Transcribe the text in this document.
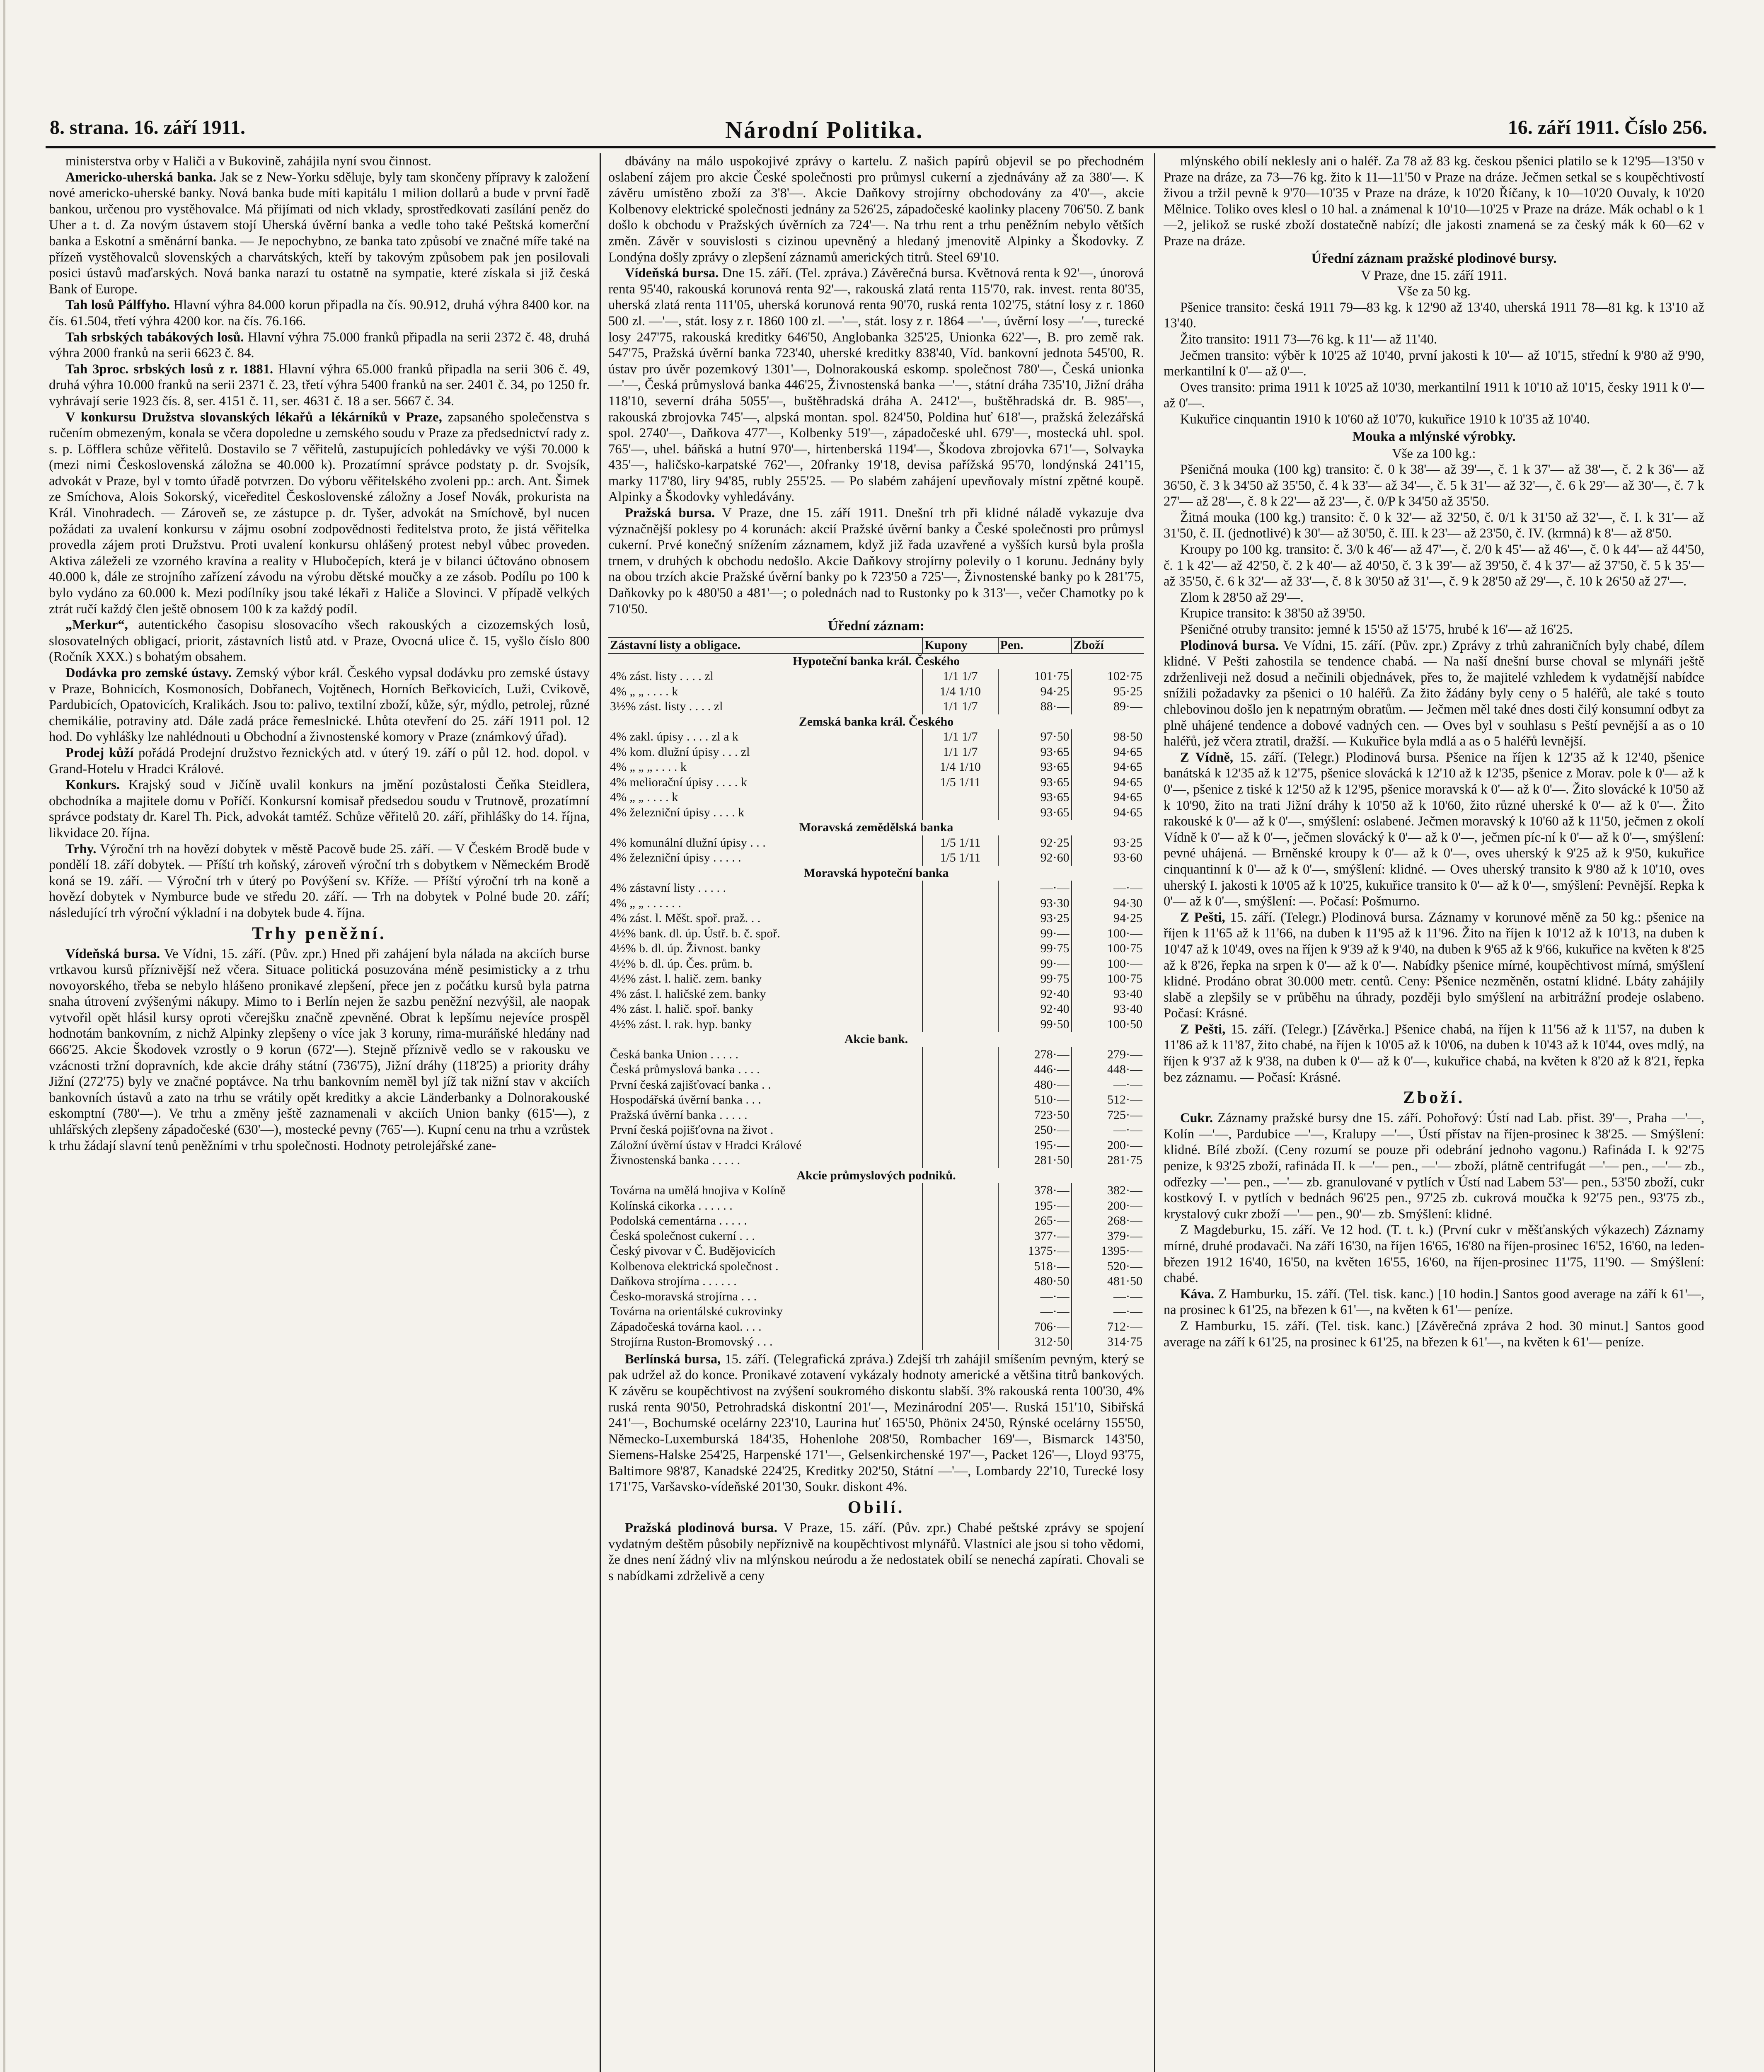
8. strana. 16. září 1911.	Národní Politika.	16. září 1911. Číslo 256.

ministerstva orby v Haliči a v Bukovině, zahájila nyní svou činnost.

Americko-uherská banka. Jak se z New-Yorku sděluje, byly tam skončeny přípravy k založení nové americko-uherské banky. Nová banka bude míti kapitálu 1 milion dollarů a bude v první řadě bankou, určenou pro vystěhovalce. Má přijímati od nich vklady, sprostředkovati zasílání peněz do Uher a t. d. Za novým ústavem stojí Uherská úvěrní banka a vedle toho také Peštská komerční banka a Eskotní a směnární banka. — Je nepochybno, ze banka tato způsobí ve značné míře také na přízeň vystěhovalců slovenských a charvátských, kteří by takovým způsobem pak jen posilovali posici ústavů maďarských. Nová banka narazí tu ostatně na sympatie, které získala si již česká Bank of Europe.

Tah losů Pálffyho. Hlavní výhra 84.000 korun připadla na čís. 90.912, druhá výhra 8400 kor. na čís. 61.504, třetí výhra 4200 kor. na čís. 76.166.

Tah srbských tabákových losů. Hlavní výhra 75.000 franků připadla na serii 2372 č. 48, druhá výhra 2000 franků na serii 6623 č. 84.

Tah 3proc. srbských losů z r. 1881. Hlavní výhra 65.000 franků připadla na serii 306 č. 49, druhá výhra 10.000 franků na serii 2371 č. 23, třetí výhra 5400 franků na ser. 2401 č. 34, po 1250 fr. vyhrávají serie 1923 čís. 8, ser. 4151 č. 11, ser. 4631 č. 18 a ser. 5667 č. 34.

V konkursu Družstva slovanských lékařů a lékárníků v Praze, zapsaného společenstva s ručením obmezeným, konala se včera dopoledne u zemského soudu v Praze za předsednictví rady z. s. p. Löfflera schůze věřitelů. Dostavilo se 7 věřitelů, zastupujících pohledávky ve výši 70.000 k (mezi nimi Československá záložna se 40.000 k). Prozatímní správce podstaty p. dr. Svojsík, advokát v Praze, byl v tomto úřadě potvrzen. Do výboru věřitelského zvoleni pp.: arch. Ant. Šimek ze Smíchova, Alois Sokorský, viceředitel Československé záložny a Josef Novák, prokurista na Král. Vinohradech. — Zároveň se, ze zástupce p. dr. Tyšer, advokát na Smíchově, byl nucen požádati za uvalení konkursu v zájmu osobní zodpovědnosti ředitelstva proto, že jistá věřitelka provedla zájem proti Družstvu. Proti uvalení konkursu ohlášený protest nebyl vůbec proveden. Aktiva záleželi ze vzorného kravína a reality v Hlubočepích, která je v bilanci účtováno obnosem 40.000 k, dále ze strojního zařízení závodu na výrobu dětské moučky a ze zásob. Podílu po 100 k bylo vydáno za 60.000 k. Mezi podílníky jsou také lékaři z Haliče a Slovinci. V případě velkých ztrát ručí každý člen ještě obnosem 100 k za každý podíl.

„Merkur“, autentického časopisu slosovacího všech rakouských a cizozemských losů, slosovatelných obligací, priorit, zástavních listů atd. v Praze, Ovocná ulice č. 15, vyšlo číslo 800 (Ročník XXX.) s bohatým obsahem.

Dodávka pro zemské ústavy. Zemský výbor král. Českého vypsal dodávku pro zemské ústavy v Praze, Bohnicích, Kosmonosích, Dobřanech, Vojtěnech, Horních Beřkovicích, Luži, Cvikově, Pardubicích, Opatovicích, Kralikách. Jsou to: palivo, textilní zboží, kůže, sýr, mýdlo, petrolej, různé chemikálie, potraviny atd. Dále zadá práce řemeslnické. Lhůta otevření do 25. září 1911 pol. 12 hod. Do vyhlášky lze nahlédnouti u Obchodní a živnostenské komory v Praze (známkový úřad).

Prodej kůží pořádá Prodejní družstvo řeznických atd. v úterý 19. září o půl 12. hod. dopol. v Grand-Hotelu v Hradci Králové.

Konkurs. Krajský soud v Jičíně uvalil konkurs na jmění pozůstalosti Čeňka Steidlera, obchodníka a majitele domu v Poříčí. Konkursní komisař předsedou soudu v Trutnově, prozatímní správce podstaty dr. Karel Th. Pick, advokát tamtéž. Schůze věřitelů 20. září, přihlášky do 14. října, likvidace 20. října.

Trhy. Výroční trh na hovězí dobytek v městě Pacově bude 25. září. — V Českém Brodě bude v pondělí 18. září dobytek. — Příští trh koňský, zároveň výroční trh s dobytkem v Německém Brodě koná se 19. září. — Výroční trh v úterý po Povýšení sv. Kříže. — Příští výroční trh na koně a hovězí dobytek v Nymburce bude ve středu 20. září. — Trh na dobytek v Polné bude 20. září; následující trh výroční výkladní i na dobytek bude 4. října.

Trhy peněžní.

Vídeňská bursa. Ve Vídni, 15. září. (Pův. zpr.) Hned při zahájení byla nálada na akciích burse vrtkavou kursů příznivější než včera. Situace politická posuzována méně pesimisticky a z trhu novoyorského, třeba se nebylo hlášeno pronikavé zlepšení, přece jen z počátku kursů byla patrna snaha útrovení zvýšenými nákupy. Mimo to i Berlín nejen že sazbu peněžní nezvýšil, ale naopak vytvořil opět hlásil kursy oproti včerejšku značně zpevněné. Obrat k lepšímu nejevíce prospěl hodnotám bankovním, z nichž Alpinky zlepšeny o více jak 3 koruny, rima-muráňské hledány nad 666'25. Akcie Škodovek vzrostly o 9 korun (672'—). Stejně příznivě vedlo se v rakousku ve vzácnosti tržní dopravních, kde akcie dráhy státní (736'75), Jižní dráhy (118'25) a priority dráhy Jižní (272'75) byly ve značné poptávce. Na trhu bankovním neměl byl jíž tak nižní stav v akciích bankovních ústavů a zato na trhu se vrátily opět kreditky a akcie Länderbanky a Dolnorakouské eskomptní (780'—). Ve trhu a změny ještě zaznamenali v akciích Union banky (615'—), z uhlářských zlepšeny západočeské (630'—), mostecké pevny (765'—). Kupní cenu na trhu a vzrůstek k trhu žádají slavní tenů peněžními v trhu společnosti. Hodnoty petrolejářské zane-

dbávány na málo uspokojivé zprávy o kartelu. Z našich papírů objevil se po přechodném oslabení zájem pro akcie České společnosti pro průmysl cukerní a zjednávány až za 380'—. K závěru umístěno zboží za 3'8'—. Akcie Daňkovy strojírny obchodovány za 4'0'—, akcie Kolbenovy elektrické společnosti jednány za 526'25, západočeské kaolinky placeny 706'50. Z bank došlo k obchodu v Pražských úvěrních za 724'—. Na trhu rent a trhu peněžním nebylo větších změn. Závěr v souvislosti s cizinou upevněný a hledaný jmenovitě Alpinky a Škodovky. Z Londýna došly zprávy o zlepšení záznamů amerických titrů. Steel 69'10.

Vídeňská bursa. Dne 15. září. (Tel. zpráva.) Závěrečná bursa. Květnová renta k 92'—, únorová renta 95'40, rakouská korunová renta 92'—, rakouská zlatá renta 115'70, rak. invest. renta 80'35, uherská zlatá renta 111'05, uherská korunová renta 90'70, ruská renta 102'75, státní losy z r. 1860 500 zl. —'—, stát. losy z r. 1860 100 zl. —'—, stát. losy z r. 1864 —'—, úvěrní losy —'—, turecké losy 247'75, rakouská kreditky 646'50, Anglobanka 325'25, Unionka 622'—, B. pro země rak. 547'75, Pražská úvěrní banka 723'40, uherské kreditky 838'40, Víd. bankovní jednota 545'00, R. ústav pro úvěr pozemkový 1301'—, Dolnorakouská eskomp. společnost 780'—, Česká unionka —'—, Česká průmyslová banka 446'25, Živnostenská banka —'—, státní dráha 735'10, Jižní dráha 118'10, severní dráha 5055'—, buštěhradská dráha A. 2412'—, buštěhradská dr. B. 985'—, rakouská zbrojovka 745'—, alpská montan. spol. 824'50, Poldina huť 618'—, pražská železářská spol. 2740'—, Daňkova 477'—, Kolbenky 519'—, západočeské uhl. 679'—, mostecká uhl. spol. 765'—, uhel. báňská a hutní 970'—, hirtenberská 1194'—, Škodova zbrojovka 671'—, Solvayka 435'—, haličsko-karpatské 762'—, 20franky 19'18, devisa pařížská 95'70, londýnská 241'15, marky 117'80, liry 94'85, rubly 255'25. — Po slabém zahájení upevňovaly místní zpětné koupě. Alpinky a Škodovky vyhledávány.

Pražská bursa. V Praze, dne 15. září 1911. Dnešní trh při klidné náladě vykazuje dva význačnější poklesy po 4 korunách: akcií Pražské úvěrní banky a České společnosti pro průmysl cukerní. Prvé konečný snížením záznamem, když již řada uzavřené a vyšších kursů byla prošla trnem, v druhých k obchodu nedošlo. Akcie Daňkovy strojírny polevily o 1 korunu. Jednány byly na obou trzích akcie Pražské úvěrní banky po k 723'50 a 725'—, Živnostenské banky po k 281'75, Daňkovky po k 480'50 a 481'—; o polednách nad to Rustonky po k 313'—, večer Chamotky po k 710'50.

Úřední záznam:
Zástavní listy a obligace.	Kupony	Pen.	Zboží
Hypoteční banka král. Českého			
4% zást. listy . . . . zl	1/1 1/7	101·75	102·75
4% „ „ . . . . k	1/4 1/10	94·25	95·25
3½% zást. listy . . . . zl	1/1 1/7	88·—	89·—
Zemská banka král. Českého			
4% zakl. úpisy . . . . zl a k	1/1 1/7	97·50	98·50
4% kom. dlužní úpisy . . . zl	1/1 1/7	93·65	94·65
4% „ „ „ . . . . k	1/4 1/10	93·65	94·65
4% meliorační úpisy . . . . k	1/5 1/11	93·65	94·65
4% „ „ . . . . k		93·65	94·65
4% železniční úpisy . . . . k		93·65	94·65
Moravská zemědělská banka			
4% komunální dlužní úpisy . . .	1/5 1/11	92·25	93·25
4% železniční úpisy . . . . .	1/5 1/11	92·60	93·60
Moravská hypoteční banka			
4% zástavní listy . . . . .		—·—	—·—
4% „ „ . . . . . .		93·30	94·30
4% zást. l. Měšt. spoř. praž. . .		93·25	94·25
4½% bank. dl. úp. Ústř. b. č. spoř.		99·—	100·—
4½% b. dl. úp. Živnost. banky		99·75	100·75
4½% b. dl. úp. Čes. prům. b.		99·—	100·—
4½% zást. l. halič. zem. banky		99·75	100·75
4% zást. l. haličské zem. banky		92·40	93·40
4% zást. l. halič. spoř. banky		92·40	93·40
4½% zást. l. rak. hyp. banky		99·50	100·50
Akcie bank.			
Česká banka Union . . . . .		278·—	279·—
Česká průmyslová banka . . . .		446·—	448·—
První česká zajišťovací banka . .		480·—	—·—
Hospodářská úvěrní banka . . .		510·—	512·—
Pražská úvěrní banka . . . . .		723·50	725·—
První česká pojišťovna na život .		250·—	—·—
Záložní úvěrní ústav v Hradci Králové		195·—	200·—
Živnostenská banka . . . . .		281·50	281·75
Akcie průmyslových podniků.			
Továrna na umělá hnojiva v Kolíně		378·—	382·—
Kolínská cikorka . . . . . .		195·—	200·—
Podolská cementárna . . . . .		265·—	268·—
Česká společnost cukerní . . .		377·—	379·—
Český pivovar v Č. Budějovicích		1375·—	1395·—
Kolbenova elektrická společnost .		518·—	520·—
Daňkova strojírna . . . . . .		480·50	481·50
Česko-moravská strojírna . . .		—·—	—·—
Továrna na orientálské cukrovinky		—·—	—·—
Západočeská továrna kaol. . . .		706·—	712·—
Strojírna Ruston-Bromovský . . .		312·50	314·75

Berlínská bursa, 15. září. (Telegrafická zpráva.) Zdejší trh zahájil smíšením pevným, který se pak udržel až do konce. Pronikavé zotavení vykázaly hodnoty americké a většina titrů bankových. K závěru se koupěchtivost na zvýšení soukromého diskontu slabší. 3% rakouská renta 100'30, 4% ruská renta 90'50, Petrohradská diskontní 201'—, Mezinárodní 205'—. Ruská 151'10, Sibiřská 241'—, Bochumské ocelárny 223'10, Laurina huť 165'50, Phönix 24'50, Rýnské ocelárny 155'50, Německo-Luxemburská 184'35, Hohenlohe 208'50, Rombacher 169'—, Bismarck 143'50, Siemens-Halske 254'25, Harpenské 171'—, Gelsenkirchenské 197'—, Packet 126'—, Lloyd 93'75, Baltimore 98'87, Kanadské 224'25, Kreditky 202'50, Státní —'—, Lombardy 22'10, Turecké losy 171'75, Varšavsko-vídeňské 201'30, Soukr. diskont 4%.

Obilí.

Pražská plodinová bursa. V Praze, 15. září. (Pův. zpr.) Chabé peštské zprávy se spojení vydatným deštěm působily nepříznivě na koupěchtivost mlynářů. Vlastníci ale jsou si toho vědomi, že dnes není žádný vliv na mlýnskou neúrodu a že nedostatek obilí se nenechá zapírati. Chovali se s nabídkami zdrželivě a ceny

mlýnského obilí neklesly ani o haléř. Za 78 až 83 kg. českou pšenici platilo se k 12'95—13'50 v Praze na dráze, za 73—76 kg. žito k 11—11'50 v Praze na dráze. Ječmen setkal se s koupěchtivostí živou a tržil pevně k 9'70—10'35 v Praze na dráze, k 10'20 Říčany, k 10—10'20 Ouvaly, k 10'20 Mělnice. Toliko oves klesl o 10 hal. a známenal k 10'10—10'25 v Praze na dráze. Mák ochabl o k 1—2, jelikož se ruské zboží dostatečně nabízí; dle jakosti znamená se za český mák k 60—62 v Praze na dráze.

Úřední záznam pražské plodinové bursy.

V Praze, dne 15. září 1911.

Vše za 50 kg.

Pšenice transito: česká 1911 79—83 kg. k 12'90 až 13'40, uherská 1911 78—81 kg. k 13'10 až 13'40.

Žito transito: 1911 73—76 kg. k 11'— až 11'40.

Ječmen transito: výběr k 10'25 až 10'40, první jakosti k 10'— až 10'15, střední k 9'80 až 9'90, merkantilní k 0'— až 0'—.

Oves transito: prima 1911 k 10'25 až 10'30, merkantilní 1911 k 10'10 až 10'15, česky 1911 k 0'— až 0'—.

Kukuřice cinquantin 1910 k 10'60 až 10'70, kukuřice 1910 k 10'35 až 10'40.

Moukа a mlýnské výrobky.

Vše za 100 kg.:

Pšeničná mouka (100 kg) transito: č. 0 k 38'— až 39'—, č. 1 k 37'— až 38'—, č. 2 k 36'— až 36'50, č. 3 k 34'50 až 35'50, č. 4 k 33'— až 34'—, č. 5 k 31'— až 32'—, č. 6 k 29'— až 30'—, č. 7 k 27'— až 28'—, č. 8 k 22'— až 23'—, č. 0/P k 34'50 až 35'50.

Žitná mouka (100 kg.) transito: č. 0 k 32'— až 32'50, č. 0/1 k 31'50 až 32'—, č. I. k 31'— až 31'50, č. II. (jednotlivé) k 30'— až 30'50, č. III. k 23'— až 23'50, č. IV. (krmná) k 8'— až 8'50.

Kroupy po 100 kg. transito: č. 3/0 k 46'— až 47'—, č. 2/0 k 45'— až 46'—, č. 0 k 44'— až 44'50, č. 1 k 42'— až 42'50, č. 2 k 40'— až 40'50, č. 3 k 39'— až 39'50, č. 4 k 37'— až 37'50, č. 5 k 35'— až 35'50, č. 6 k 32'— až 33'—, č. 8 k 30'50 až 31'—, č. 9 k 28'50 až 29'—, č. 10 k 26'50 až 27'—.

Zlom k 28'50 až 29'—.

Krupice transito: k 38'50 až 39'50.

Pšeničné otruby transito: jemné k 15'50 až 15'75, hrubé k 16'— až 16'25.

Plodinová bursa. Ve Vídni, 15. září. (Pův. zpr.) Zprávy z trhů zahraničních byly chabé, dílem klidné. V Pešti zahostila se tendence chabá. — Na naší dnešní burse choval se mlynáři ještě zdrženliveji než dosud a nečinili objednávek, přes to, že majitelé vzhledem k vydatnější nabídce snížili požadavky za pšenici o 10 haléřů. Za žito žádány byly ceny o 5 haléřů, ale také s touto chlebovinou došlo jen k nepatrným obratům. — Ječmen měl také dnes dosti čilý konsumní odbyt za plně uhájené tendence a dobové vadných cen. — Oves byl v souhlasu s Peští pevnější a as o 10 haléřů, jež včera ztratil, dražší. — Kukuřice byla mdlá a as o 5 haléřů levnější.

Z Vídně, 15. září. (Telegr.) Plodinová bursa. Pšenice na říjen k 12'35 až k 12'40, pšenice banátská k 12'35 až k 12'75, pšenice slovácká k 12'10 až k 12'35, pšenice z Morav. pole k 0'— až k 0'—, pšenice z tiské k 12'50 až k 12'95, pšenice moravská k 0'— až k 0'—. Žito slovácké k 10'50 až k 10'90, žito na trati Jižní dráhy k 10'50 až k 10'60, žito různé uherské k 0'— až k 0'—. Žito rakouské k 0'— až k 0'—, smýšlení: oslabené. Ječmen moravský k 10'60 až k 11'50, ječmen z okolí Vídně k 0'— až k 0'—, ječmen slovácký k 0'— až k 0'—, ječmen píc-ní k 0'— až k 0'—, smýšlení: pevné uhájená. — Brněnské kroupy k 0'— až k 0'—, oves uherský k 9'25 až k 9'50, kukuřice cinquantinní k 0'— až k 0'—, smýšlení: klidné. — Oves uherský transito k 9'80 až k 10'10, oves uherský I. jakosti k 10'05 až k 10'25, kukuřice transito k 0'— až k 0'—, smýšlení: Pevnější. Repka k 0'— až k 0'—, smýšlení: —. Počasí: Pošmurno.

Z Pešti, 15. září. (Telegr.) Plodinová bursa. Záznamy v korunové měně za 50 kg.: pšenice na říjen k 11'65 až k 11'66, na duben k 11'95 až k 11'96. Žito na říjen k 10'12 až k 10'13, na duben k 10'47 až k 10'49, oves na říjen k 9'39 až k 9'40, na duben k 9'65 až k 9'66, kukuřice na květen k 8'25 až k 8'26, řepka na srpen k 0'— až k 0'—. Nabídky pšenice mírné, koupěchtivost mírná, smýšlení klidné. Prodáno obrat 30.000 metr. centů. Ceny: Pšenice nezměněn, ostatní klidné. Lbáty zahájily slabě a zlepšily se v průběhu na úhrady, později bylo smýšlení na arbitrážní prodeje oslabeno. Počasí: Krásné.

Z Pešti, 15. září. (Telegr.) [Závěrka.] Pšenice chabá, na říjen k 11'56 až k 11'57, na duben k 11'86 až k 11'87, žito chabé, na říjen k 10'05 až k 10'06, na duben k 10'43 až k 10'44, oves mdlý, na říjen k 9'37 až k 9'38, na duben k 0'— až k 0'—, kukuřice chabá, na květen k 8'20 až k 8'21, řepka bez záznamu. — Počasí: Krásné.

Zboží.

Cukr. Záznamy pražské bursy dne 15. září. Pohořový: Ústí nad Lab. přist. 39'—, Praha —'—, Kolín —'—, Pardubice —'—, Kralupy —'—, Ústí přístav na říjen-prosinec k 38'25. — Smýšlení: klidné. Bílé zboží. (Ceny rozumí se pouze při odebrání jednoho vagonu.) Rafináda I. k 92'75 penize, k 93'25 zboží, rafináda II. k —'— pen., —'— zboží, plátně centrifugát —'— pen., —'— zb., odřezky —'— pen., —'— zb. granulované v pytlích v Ústí nad Labem 53'— pen., 53'50 zboží, cukr kostkový I. v pytlích v bednách 96'25 pen., 97'25 zb. cukrová moučka k 92'75 pen., 93'75 zb., krystalový cukr zboží —'— pen., 90'— zb. Smýšlení: klidné.

Z Magdeburku, 15. září. Ve 12 hod. (T. t. k.) (První cukr v měšťanských výkazech) Záznamy mírné, druhé prodavači. Na září 16'30, na říjen 16'65, 16'80 na říjen-prosinec 16'52, 16'60, na leden-březen 1912 16'40, 16'50, na květen 16'55, 16'60, na říjen-prosinec 11'75, 11'90. — Smýšlení: chabé.

Káva. Z Hamburku, 15. září. (Tel. tisk. kanc.) [10 hodin.] Santos good average na září k 61'—, na prosinec k 61'25, na březen k 61'—, na květen k 61'— peníze.

Z Hamburku, 15. září. (Tel. tisk. kanc.) [Závěrečná zpráva 2 hod. 30 minut.] Santos good average na září k 61'25, na prosinec k 61'25, na březen k 61'—, na květen k 61'— peníze.
